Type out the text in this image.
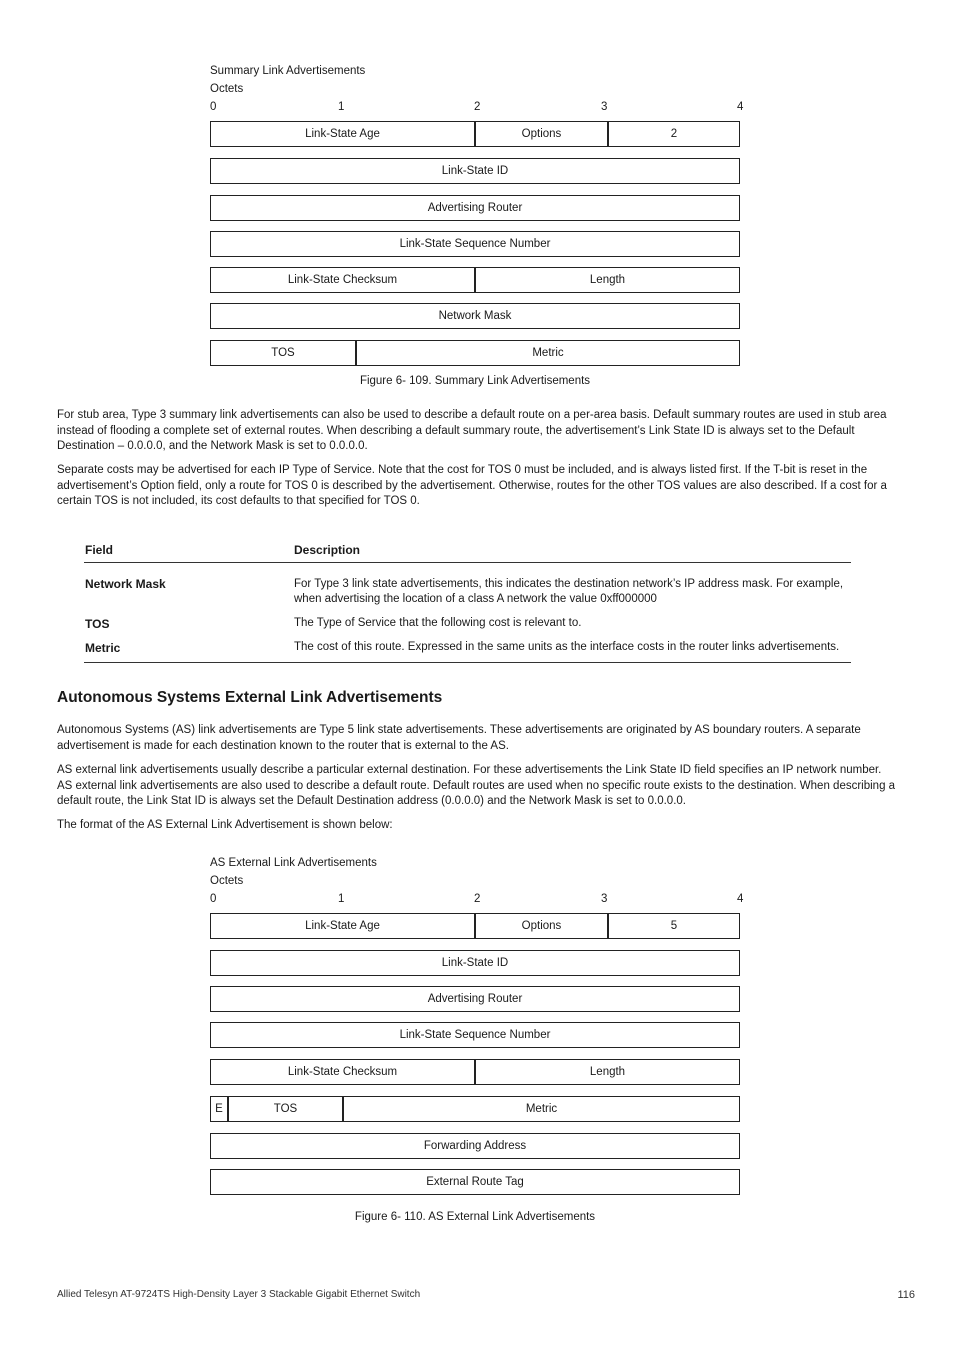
Summary Link Advertisements
Octets
0	1	2	3	4
Link-State Age	Options	2
Link-State ID
Advertising Router
Link-State Sequence Number
Link-State Checksum	Length
Network Mask
TOS	Metric
Figure 6- 109. Summary Link Advertisements
For stub area, Type 3 summary link advertisements can also be used to describe a default route on a per-area basis. Default summary routes are used in stub area instead of flooding a complete set of external routes. When describing a default summary route, the advertisement’s Link State ID is always set to the Default Destination – 0.0.0.0, and the Network Mask is set to 0.0.0.0.
Separate costs may be advertised for each IP Type of Service. Note that the cost for TOS 0 must be included, and is always listed first. If the T-bit is reset in the advertisement’s Option field, only a route for TOS 0 is described by the advertisement. Otherwise, routes for the other TOS values are also described. If a cost for a certain TOS is not included, its cost defaults to that specified for TOS 0.
Field	Description
Network Mask	For Type 3 link state advertisements, this indicates the destination network’s IP address mask. For example, when advertising the location of a class A network the value 0xff000000
TOS	The Type of Service that the following cost is relevant to.
Metric	The cost of this route. Expressed in the same units as the interface costs in the router links advertisements.
Autonomous Systems External Link Advertisements
Autonomous Systems (AS) link advertisements are Type 5 link state advertisements. These advertisements are originated by AS boundary routers. A separate advertisement is made for each destination known to the router that is external to the AS.
AS external link advertisements usually describe a particular external destination. For these advertisements the Link State ID field specifies an IP network number. AS external link advertisements are also used to describe a default route. Default routes are used when no specific route exists to the destination. When describing a default route, the Link Stat ID is always set the Default Destination address (0.0.0.0) and the Network Mask is set to 0.0.0.0.
The format of the AS External Link Advertisement is shown below:
AS External Link Advertisements
Octets
0	1	2	3	4
Link-State Age	Options	5
Link-State ID
Advertising Router
Link-State Sequence Number
Link-State Checksum	Length
E	TOS	Metric
Forwarding Address
External Route Tag
Figure 6- 110. AS External Link Advertisements
Allied Telesyn AT-9724TS High-Density Layer 3 Stackable Gigabit Ethernet Switch	116
